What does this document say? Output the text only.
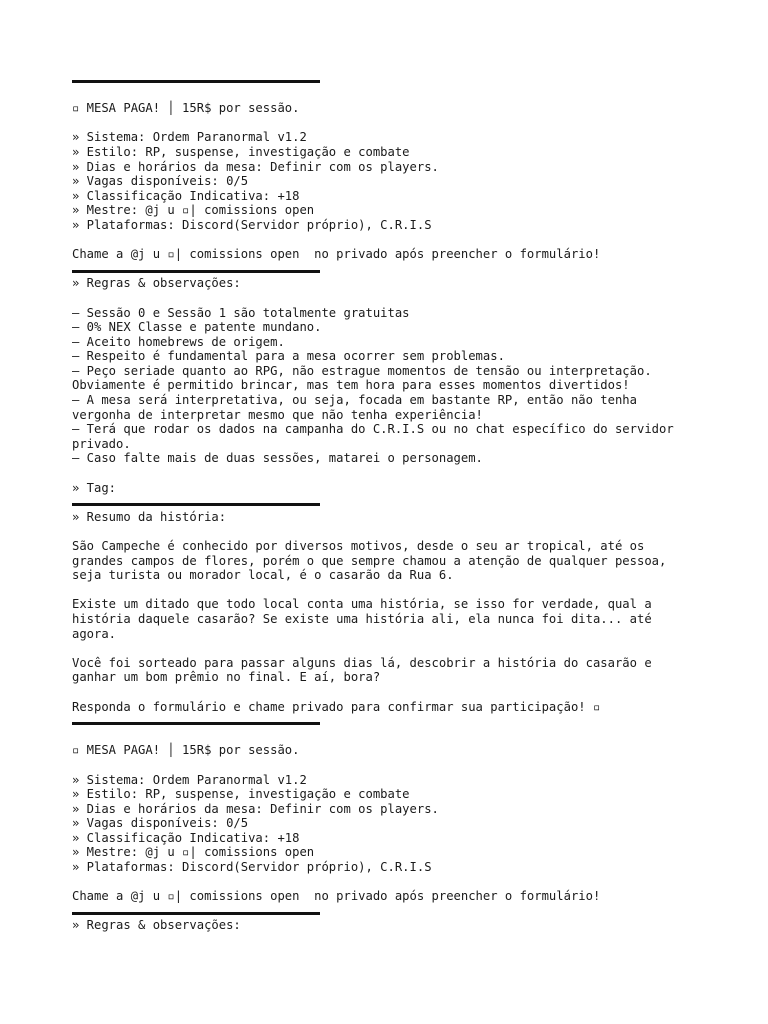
▫ MESA PAGA! │ 15R$ por sessão.
» Sistema: Ordem Paranormal v1.2
» Estilo: RP, suspense, investigação e combate
» Dias e horários da mesa: Definir com os players.
» Vagas disponíveis: 0/5
» Classificação Indicativa: +18
» Mestre: @j u ▫| comissions open
» Plataformas: Discord(Servidor próprio), C.R.I.S
Chame a @j u ▫| comissions open  no privado após preencher o formulário!
» Regras & observações:
— Sessão 0 e Sessão 1 são totalmente gratuitas
— 0% NEX Classe e patente mundano.
— Aceito homebrews de origem.
— Respeito é fundamental para a mesa ocorrer sem problemas.
— Peço seriade quanto ao RPG, não estrague momentos de tensão ou interpretação.
Obviamente é permitido brincar, mas tem hora para esses momentos divertidos!
— A mesa será interpretativa, ou seja, focada em bastante RP, então não tenha
vergonha de interpretar mesmo que não tenha experiência!
— Terá que rodar os dados na campanha do C.R.I.S ou no chat específico do servidor
privado.
— Caso falte mais de duas sessões, matarei o personagem.
» Tag:
» Resumo da história:
São Campeche é conhecido por diversos motivos, desde o seu ar tropical, até os
grandes campos de flores, porém o que sempre chamou a atenção de qualquer pessoa,
seja turista ou morador local, é o casarão da Rua 6.
Existe um ditado que todo local conta uma história, se isso for verdade, qual a
história daquele casarão? Se existe uma história ali, ela nunca foi dita... até
agora.
Você foi sorteado para passar alguns dias lá, descobrir a história do casarão e
ganhar um bom prêmio no final. E aí, bora?
Responda o formulário e chame privado para confirmar sua participação! ▫
▫ MESA PAGA! │ 15R$ por sessão.
» Sistema: Ordem Paranormal v1.2
» Estilo: RP, suspense, investigação e combate
» Dias e horários da mesa: Definir com os players.
» Vagas disponíveis: 0/5
» Classificação Indicativa: +18
» Mestre: @j u ▫| comissions open
» Plataformas: Discord(Servidor próprio), C.R.I.S
Chame a @j u ▫| comissions open  no privado após preencher o formulário!
» Regras & observações:
